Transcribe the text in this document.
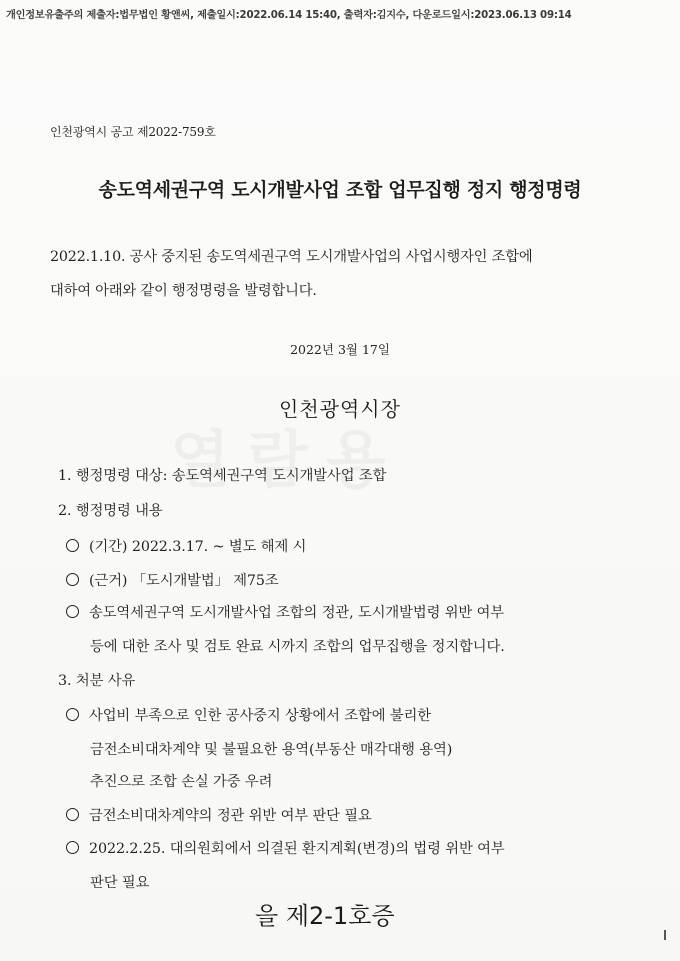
개인정보유출주의 제출자:법무법인 황앤씨, 제출일시:2022.06.14 15:40, 출력자:김지수, 다운로드일시:2023.06.13 09:14
인천광역시 공고 제2022-759호
송도역세권구역 도시개발사업 조합 업무집행 정지 행정명령

2022.1.10. 공사 중지된 송도역세권구역 도시개발사업의 사업시행자인 조합에

대하여 아래와 같이 행정명령을 발령합니다.

2022년 3월 17일
인천광역시장
1. 행정명령 대상: 송도역세권구역 도시개발사업 조합
2. 행정명령 내용
(기간) 2022.3.17. ~ 별도 해제 시
(근거) 「도시개발법」 제75조
송도역세권구역 도시개발사업 조합의 정관, 도시개발법령 위반 여부
등에 대한 조사 및 검토 완료 시까지 조합의 업무집행을 정지합니다.
3. 처분 사유
사업비 부족으로 인한 공사중지 상황에서 조합에 불리한
금전소비대차계약 및 불필요한 용역(부동산 매각대행 용역)
추진으로 조합 손실 가중 우려
금전소비대차계약의 정관 위반 여부 판단 필요
2022.2.25. 대의원회에서 의결된 환지계획(변경)의 법령 위반 여부
판단 필요
을 제2-1호증
